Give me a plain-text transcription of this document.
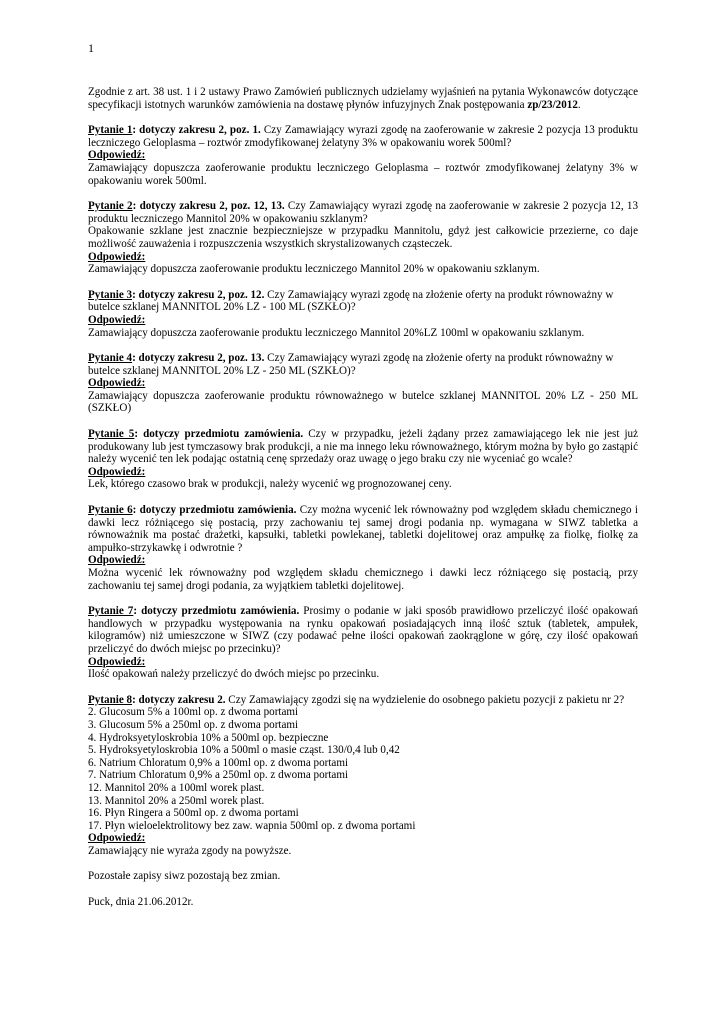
1

Zgodnie z art. 38 ust. 1 i 2 ustawy Prawo Zamówień publicznych udzielamy wyjaśnień na pytania Wykonawców dotyczące specyfikacji istotnych warunków zamówienia na dostawę płynów infuzyjnych Znak postępowania zp/23/2012.

Pytanie 1: dotyczy zakresu 2, poz. 1. Czy Zamawiający wyrazi zgodę na zaoferowanie w zakresie 2 pozycja 13 produktu leczniczego Geloplasma – roztwór zmodyfikowanej żelatyny 3% w opakowaniu worek 500ml?
Odpowiedź:
Zamawiający dopuszcza zaoferowanie produktu leczniczego Geloplasma – roztwór zmodyfikowanej żelatyny 3% w opakowaniu worek 500ml.
Pytanie 2: dotyczy zakresu 2, poz. 12, 13. Czy Zamawiający wyrazi zgodę na zaoferowanie w zakresie 2 pozycja 12, 13 produktu leczniczego Mannitol 20% w opakowaniu szklanym?
Opakowanie szklane jest znacznie bezpieczniejsze w przypadku Mannitolu, gdyż jest całkowicie przezierne, co daje możliwość zauważenia i rozpuszczenia wszystkich skrystalizowanych cząsteczek.
Odpowiedź:
Zamawiający dopuszcza zaoferowanie produktu leczniczego Mannitol 20% w opakowaniu szklanym.
Pytanie 3: dotyczy zakresu 2, poz. 12. Czy Zamawiający wyrazi zgodę na złożenie oferty na produkt równoważny w
butelce szklanej MANNITOL 20% LZ - 100 ML (SZKŁO)?
Odpowiedź:
Zamawiający dopuszcza zaoferowanie produktu leczniczego Mannitol 20%LZ 100ml w opakowaniu szklanym.
Pytanie 4: dotyczy zakresu 2, poz. 13. Czy Zamawiający wyrazi zgodę na złożenie oferty na produkt równoważny w
butelce szklanej MANNITOL 20% LZ - 250 ML (SZKŁO)?
Odpowiedź:
Zamawiający dopuszcza zaoferowanie produktu równoważnego w butelce szklanej MANNITOL 20% LZ - 250 ML (SZKŁO)
Pytanie 5: dotyczy przedmiotu zamówienia. Czy w przypadku, jeżeli żądany przez zamawiającego lek nie jest już produkowany lub jest tymczasowy brak produkcji, a nie ma innego leku równoważnego, którym można by było go zastąpić należy wycenić ten lek podając ostatnią cenę sprzedaży oraz uwagę o jego braku czy nie wyceniać go wcale?
Odpowiedź:
Lek, którego czasowo brak w produkcji, należy wycenić wg prognozowanej ceny.
Pytanie 6: dotyczy przedmiotu zamówienia. Czy można wycenić lek równoważny pod względem składu chemicznego i dawki lecz różniącego się postacią, przy zachowaniu tej samej drogi podania np. wymagana w SIWZ tabletka a równoważnik ma postać drażetki, kapsułki, tabletki powlekanej, tabletki dojelitowej oraz ampułkę za fiolkę, fiolkę za ampułko-strzykawkę i odwrotnie ?
Odpowiedź:
Można wycenić lek równoważny pod względem składu chemicznego i dawki lecz różniącego się postacią, przy zachowaniu tej samej drogi podania, za wyjątkiem tabletki dojelitowej.
Pytanie 7: dotyczy przedmiotu zamówienia. Prosimy o podanie w jaki sposób prawidłowo przeliczyć ilość opakowań handlowych w przypadku występowania na rynku opakowań posiadających inną ilość sztuk (tabletek, ampułek, kilogramów) niż umieszczone w SIWZ (czy podawać pełne ilości opakowań zaokrąglone w górę, czy ilość opakowań przeliczyć do dwóch miejsc po przecinku)?
Odpowiedź:
Ilość opakowań należy przeliczyć do dwóch miejsc po przecinku.
Pytanie 8: dotyczy zakresu 2. Czy Zamawiający zgodzi się na wydzielenie do osobnego pakietu pozycji z pakietu nr 2?
2. Glucosum 5% a 100ml op. z dwoma portami
3. Glucosum 5% a 250ml op. z dwoma portami
4. Hydroksyetyloskrobia 10% a 500ml op. bezpieczne
5. Hydroksyetyloskrobia 10% a 500ml o masie cząst. 130/0,4 lub 0,42
6. Natrium Chloratum 0,9% a 100ml op. z dwoma portami
7. Natrium Chloratum 0,9% a 250ml op. z dwoma portami
12. Mannitol 20% a 100ml worek plast.
13. Mannitol 20% a 250ml worek plast.
16. Płyn Ringera a 500ml op. z dwoma portami
17. Płyn wieloelektrolitowy bez zaw. wapnia 500ml op. z dwoma portami
Odpowiedź:
Zamawiający nie wyraża zgody na powyższe.

Pozostałe zapisy siwz pozostają bez zmian.

Puck, dnia 21.06.2012r.
